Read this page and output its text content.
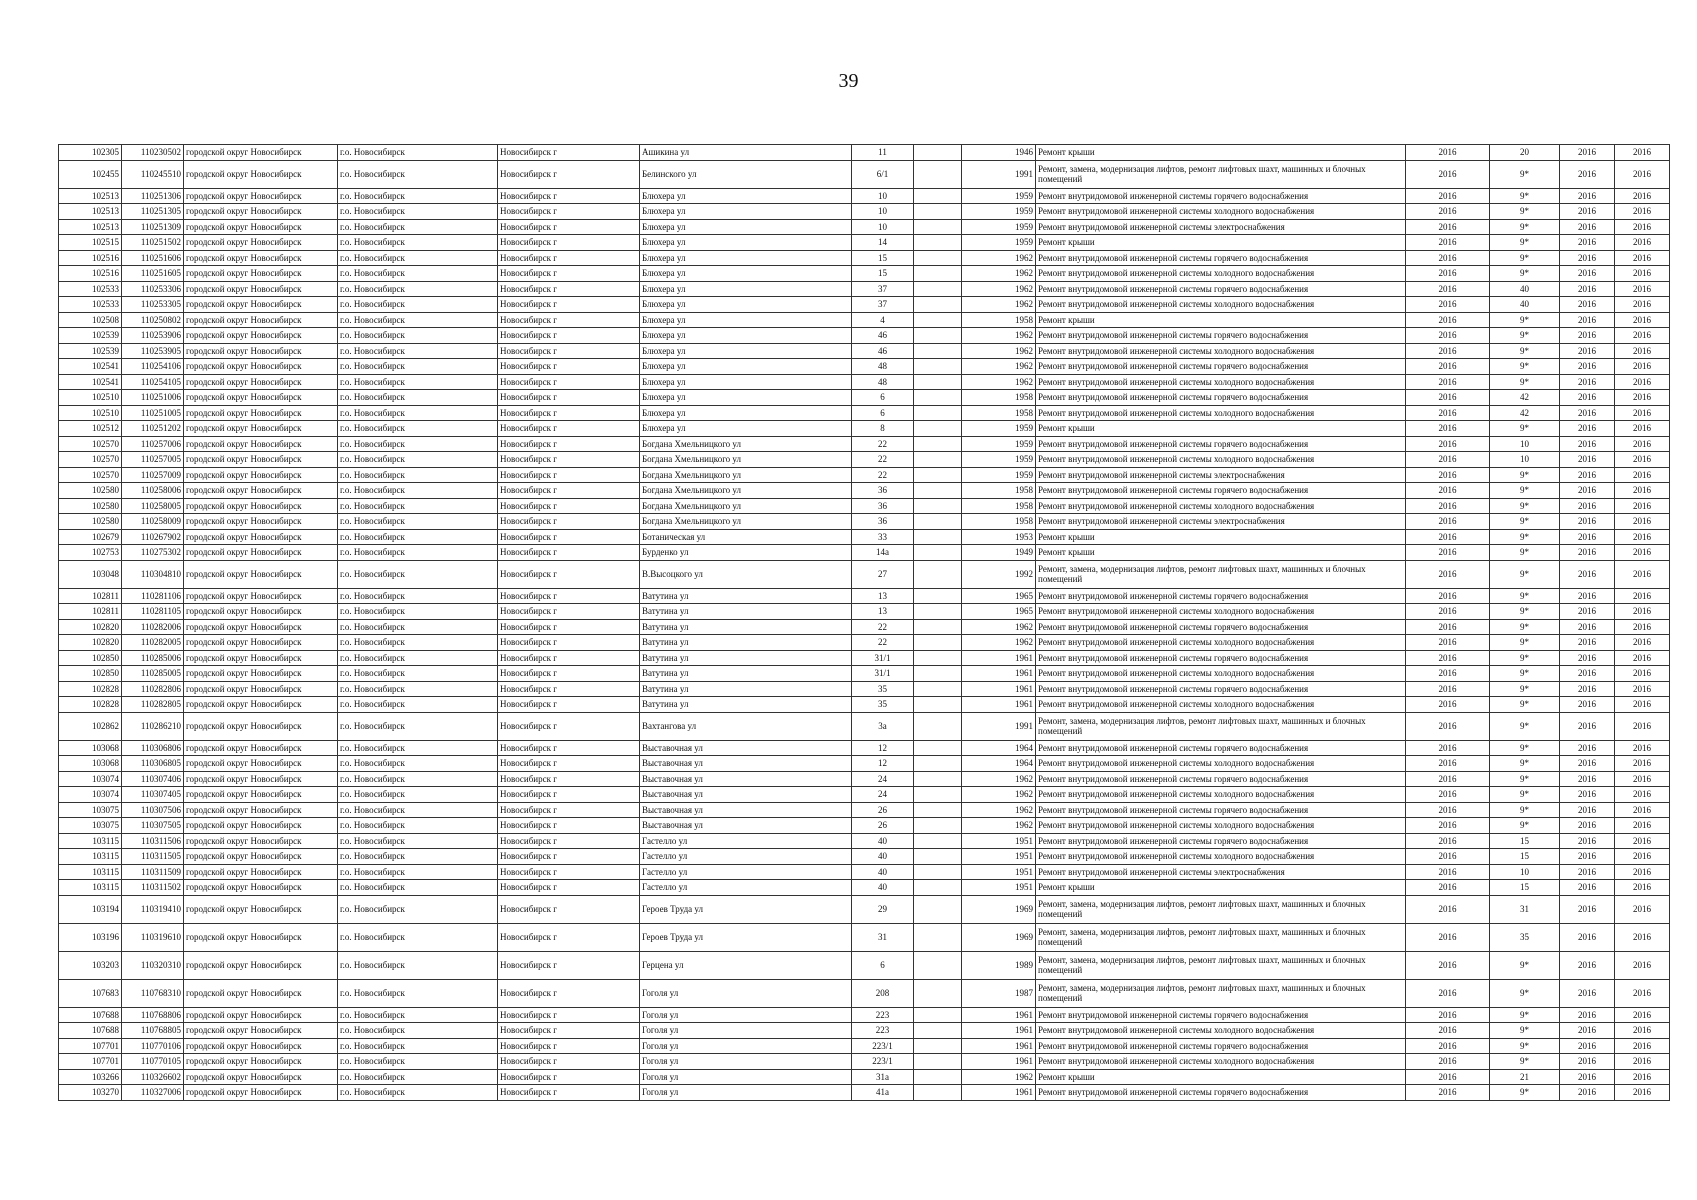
39
102305	110230502	городской округ Новосибирск	г.о. Новосибирск	Новосибирск г	Ашикина ул	11		1946	Ремонт крыши	2016	20	2016	2016
102455	110245510	городской округ Новосибирск	г.о. Новосибирск	Новосибирск г	Белинского ул	6/1		1991	Ремонт, замена, модернизация лифтов, ремонт лифтовых шахт, машинных и блочных помещений	2016	9*	2016	2016
102513	110251306	городской округ Новосибирск	г.о. Новосибирск	Новосибирск г	Блюхера ул	10		1959	Ремонт внутридомовой инженерной системы горячего водоснабжения	2016	9*	2016	2016
102513	110251305	городской округ Новосибирск	г.о. Новосибирск	Новосибирск г	Блюхера ул	10		1959	Ремонт внутридомовой инженерной системы холодного водоснабжения	2016	9*	2016	2016
102513	110251309	городской округ Новосибирск	г.о. Новосибирск	Новосибирск г	Блюхера ул	10		1959	Ремонт внутридомовой инженерной системы электроснабжения	2016	9*	2016	2016
102515	110251502	городской округ Новосибирск	г.о. Новосибирск	Новосибирск г	Блюхера ул	14		1959	Ремонт крыши	2016	9*	2016	2016
102516	110251606	городской округ Новосибирск	г.о. Новосибирск	Новосибирск г	Блюхера ул	15		1962	Ремонт внутридомовой инженерной системы горячего водоснабжения	2016	9*	2016	2016
102516	110251605	городской округ Новосибирск	г.о. Новосибирск	Новосибирск г	Блюхера ул	15		1962	Ремонт внутридомовой инженерной системы холодного водоснабжения	2016	9*	2016	2016
102533	110253306	городской округ Новосибирск	г.о. Новосибирск	Новосибирск г	Блюхера ул	37		1962	Ремонт внутридомовой инженерной системы горячего водоснабжения	2016	40	2016	2016
102533	110253305	городской округ Новосибирск	г.о. Новосибирск	Новосибирск г	Блюхера ул	37		1962	Ремонт внутридомовой инженерной системы холодного водоснабжения	2016	40	2016	2016
102508	110250802	городской округ Новосибирск	г.о. Новосибирск	Новосибирск г	Блюхера ул	4		1958	Ремонт крыши	2016	9*	2016	2016
102539	110253906	городской округ Новосибирск	г.о. Новосибирск	Новосибирск г	Блюхера ул	46		1962	Ремонт внутридомовой инженерной системы горячего водоснабжения	2016	9*	2016	2016
102539	110253905	городской округ Новосибирск	г.о. Новосибирск	Новосибирск г	Блюхера ул	46		1962	Ремонт внутридомовой инженерной системы холодного водоснабжения	2016	9*	2016	2016
102541	110254106	городской округ Новосибирск	г.о. Новосибирск	Новосибирск г	Блюхера ул	48		1962	Ремонт внутридомовой инженерной системы горячего водоснабжения	2016	9*	2016	2016
102541	110254105	городской округ Новосибирск	г.о. Новосибирск	Новосибирск г	Блюхера ул	48		1962	Ремонт внутридомовой инженерной системы холодного водоснабжения	2016	9*	2016	2016
102510	110251006	городской округ Новосибирск	г.о. Новосибирск	Новосибирск г	Блюхера ул	6		1958	Ремонт внутридомовой инженерной системы горячего водоснабжения	2016	42	2016	2016
102510	110251005	городской округ Новосибирск	г.о. Новосибирск	Новосибирск г	Блюхера ул	6		1958	Ремонт внутридомовой инженерной системы холодного водоснабжения	2016	42	2016	2016
102512	110251202	городской округ Новосибирск	г.о. Новосибирск	Новосибирск г	Блюхера ул	8		1959	Ремонт крыши	2016	9*	2016	2016
102570	110257006	городской округ Новосибирск	г.о. Новосибирск	Новосибирск г	Богдана Хмельницкого ул	22		1959	Ремонт внутридомовой инженерной системы горячего водоснабжения	2016	10	2016	2016
102570	110257005	городской округ Новосибирск	г.о. Новосибирск	Новосибирск г	Богдана Хмельницкого ул	22		1959	Ремонт внутридомовой инженерной системы холодного водоснабжения	2016	10	2016	2016
102570	110257009	городской округ Новосибирск	г.о. Новосибирск	Новосибирск г	Богдана Хмельницкого ул	22		1959	Ремонт внутридомовой инженерной системы электроснабжения	2016	9*	2016	2016
102580	110258006	городской округ Новосибирск	г.о. Новосибирск	Новосибирск г	Богдана Хмельницкого ул	36		1958	Ремонт внутридомовой инженерной системы горячего водоснабжения	2016	9*	2016	2016
102580	110258005	городской округ Новосибирск	г.о. Новосибирск	Новосибирск г	Богдана Хмельницкого ул	36		1958	Ремонт внутридомовой инженерной системы холодного водоснабжения	2016	9*	2016	2016
102580	110258009	городской округ Новосибирск	г.о. Новосибирск	Новосибирск г	Богдана Хмельницкого ул	36		1958	Ремонт внутридомовой инженерной системы электроснабжения	2016	9*	2016	2016
102679	110267902	городской округ Новосибирск	г.о. Новосибирск	Новосибирск г	Ботаническая ул	33		1953	Ремонт крыши	2016	9*	2016	2016
102753	110275302	городской округ Новосибирск	г.о. Новосибирск	Новосибирск г	Бурденко ул	14а		1949	Ремонт крыши	2016	9*	2016	2016
103048	110304810	городской округ Новосибирск	г.о. Новосибирск	Новосибирск г	В.Высоцкого ул	27		1992	Ремонт, замена, модернизация лифтов, ремонт лифтовых шахт, машинных и блочных помещений	2016	9*	2016	2016
102811	110281106	городской округ Новосибирск	г.о. Новосибирск	Новосибирск г	Ватутина ул	13		1965	Ремонт внутридомовой инженерной системы горячего водоснабжения	2016	9*	2016	2016
102811	110281105	городской округ Новосибирск	г.о. Новосибирск	Новосибирск г	Ватутина ул	13		1965	Ремонт внутридомовой инженерной системы холодного водоснабжения	2016	9*	2016	2016
102820	110282006	городской округ Новосибирск	г.о. Новосибирск	Новосибирск г	Ватутина ул	22		1962	Ремонт внутридомовой инженерной системы горячего водоснабжения	2016	9*	2016	2016
102820	110282005	городской округ Новосибирск	г.о. Новосибирск	Новосибирск г	Ватутина ул	22		1962	Ремонт внутридомовой инженерной системы холодного водоснабжения	2016	9*	2016	2016
102850	110285006	городской округ Новосибирск	г.о. Новосибирск	Новосибирск г	Ватутина ул	31/1		1961	Ремонт внутридомовой инженерной системы горячего водоснабжения	2016	9*	2016	2016
102850	110285005	городской округ Новосибирск	г.о. Новосибирск	Новосибирск г	Ватутина ул	31/1		1961	Ремонт внутридомовой инженерной системы холодного водоснабжения	2016	9*	2016	2016
102828	110282806	городской округ Новосибирск	г.о. Новосибирск	Новосибирск г	Ватутина ул	35		1961	Ремонт внутридомовой инженерной системы горячего водоснабжения	2016	9*	2016	2016
102828	110282805	городской округ Новосибирск	г.о. Новосибирск	Новосибирск г	Ватутина ул	35		1961	Ремонт внутридомовой инженерной системы холодного водоснабжения	2016	9*	2016	2016
102862	110286210	городской округ Новосибирск	г.о. Новосибирск	Новосибирск г	Вахтангова ул	3а		1991	Ремонт, замена, модернизация лифтов, ремонт лифтовых шахт, машинных и блочных помещений	2016	9*	2016	2016
103068	110306806	городской округ Новосибирск	г.о. Новосибирск	Новосибирск г	Выставочная ул	12		1964	Ремонт внутридомовой инженерной системы горячего водоснабжения	2016	9*	2016	2016
103068	110306805	городской округ Новосибирск	г.о. Новосибирск	Новосибирск г	Выставочная ул	12		1964	Ремонт внутридомовой инженерной системы холодного водоснабжения	2016	9*	2016	2016
103074	110307406	городской округ Новосибирск	г.о. Новосибирск	Новосибирск г	Выставочная ул	24		1962	Ремонт внутридомовой инженерной системы горячего водоснабжения	2016	9*	2016	2016
103074	110307405	городской округ Новосибирск	г.о. Новосибирск	Новосибирск г	Выставочная ул	24		1962	Ремонт внутридомовой инженерной системы холодного водоснабжения	2016	9*	2016	2016
103075	110307506	городской округ Новосибирск	г.о. Новосибирск	Новосибирск г	Выставочная ул	26		1962	Ремонт внутридомовой инженерной системы горячего водоснабжения	2016	9*	2016	2016
103075	110307505	городской округ Новосибирск	г.о. Новосибирск	Новосибирск г	Выставочная ул	26		1962	Ремонт внутридомовой инженерной системы холодного водоснабжения	2016	9*	2016	2016
103115	110311506	городской округ Новосибирск	г.о. Новосибирск	Новосибирск г	Гастелло ул	40		1951	Ремонт внутридомовой инженерной системы горячего водоснабжения	2016	15	2016	2016
103115	110311505	городской округ Новосибирск	г.о. Новосибирск	Новосибирск г	Гастелло ул	40		1951	Ремонт внутридомовой инженерной системы холодного водоснабжения	2016	15	2016	2016
103115	110311509	городской округ Новосибирск	г.о. Новосибирск	Новосибирск г	Гастелло ул	40		1951	Ремонт внутридомовой инженерной системы электроснабжения	2016	10	2016	2016
103115	110311502	городской округ Новосибирск	г.о. Новосибирск	Новосибирск г	Гастелло ул	40		1951	Ремонт крыши	2016	15	2016	2016
103194	110319410	городской округ Новосибирск	г.о. Новосибирск	Новосибирск г	Героев Труда ул	29		1969	Ремонт, замена, модернизация лифтов, ремонт лифтовых шахт, машинных и блочных помещений	2016	31	2016	2016
103196	110319610	городской округ Новосибирск	г.о. Новосибирск	Новосибирск г	Героев Труда ул	31		1969	Ремонт, замена, модернизация лифтов, ремонт лифтовых шахт, машинных и блочных помещений	2016	35	2016	2016
103203	110320310	городской округ Новосибирск	г.о. Новосибирск	Новосибирск г	Герцена ул	6		1989	Ремонт, замена, модернизация лифтов, ремонт лифтовых шахт, машинных и блочных помещений	2016	9*	2016	2016
107683	110768310	городской округ Новосибирск	г.о. Новосибирск	Новосибирск г	Гоголя ул	208		1987	Ремонт, замена, модернизация лифтов, ремонт лифтовых шахт, машинных и блочных помещений	2016	9*	2016	2016
107688	110768806	городской округ Новосибирск	г.о. Новосибирск	Новосибирск г	Гоголя ул	223		1961	Ремонт внутридомовой инженерной системы горячего водоснабжения	2016	9*	2016	2016
107688	110768805	городской округ Новосибирск	г.о. Новосибирск	Новосибирск г	Гоголя ул	223		1961	Ремонт внутридомовой инженерной системы холодного водоснабжения	2016	9*	2016	2016
107701	110770106	городской округ Новосибирск	г.о. Новосибирск	Новосибирск г	Гоголя ул	223/1		1961	Ремонт внутридомовой инженерной системы горячего водоснабжения	2016	9*	2016	2016
107701	110770105	городской округ Новосибирск	г.о. Новосибирск	Новосибирск г	Гоголя ул	223/1		1961	Ремонт внутридомовой инженерной системы холодного водоснабжения	2016	9*	2016	2016
103266	110326602	городской округ Новосибирск	г.о. Новосибирск	Новосибирск г	Гоголя ул	31а		1962	Ремонт крыши	2016	21	2016	2016
103270	110327006	городской округ Новосибирск	г.о. Новосибирск	Новосибирск г	Гоголя ул	41а		1961	Ремонт внутридомовой инженерной системы горячего водоснабжения	2016	9*	2016	2016
